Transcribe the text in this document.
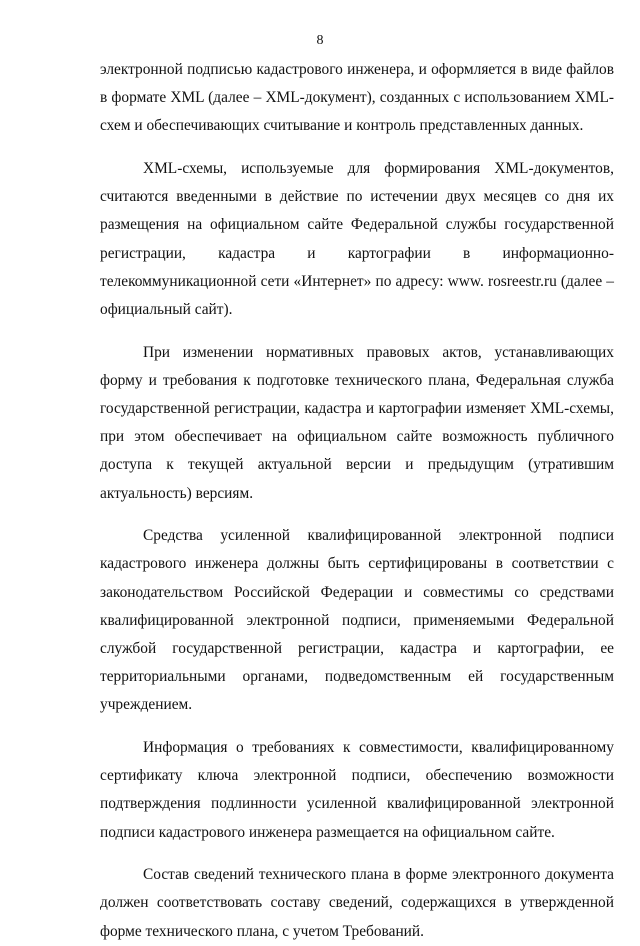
8

электронной подписью кадастрового инженера, и оформляется в виде файлов в формате XML (далее – XML-документ), созданных с использованием XML-схем и обеспечивающих считывание и контроль представленных данных.

XML-схемы, используемые для формирования XML-документов, считаются введенными в действие по истечении двух месяцев со дня их размещения на официальном сайте Федеральной службы государственной регистрации, кадастра и картографии в информационно-телекоммуникационной сети «Интернет» по адресу: www. rosreestr.ru (далее – официальный сайт).

При изменении нормативных правовых актов, устанавливающих форму и требования к подготовке технического плана, Федеральная служба государственной регистрации, кадастра и картографии изменяет XML-схемы, при этом обеспечивает на официальном сайте возможность публичного доступа к текущей актуальной версии и предыдущим (утратившим актуальность) версиям.

Средства усиленной квалифицированной электронной подписи кадастрового инженера должны быть сертифицированы в соответствии с законодательством Российской Федерации и совместимы со средствами квалифицированной электронной подписи, применяемыми Федеральной службой государственной регистрации, кадастра и картографии, ее территориальными органами, подведомственным ей государственным учреждением.

Информация о требованиях к совместимости, квалифицированному сертификату ключа электронной подписи, обеспечению возможности подтверждения подлинности усиленной квалифицированной электронной подписи кадастрового инженера размещается на официальном сайте.

Состав сведений технического плана в форме электронного документа должен соответствовать составу сведений, содержащихся в утвержденной форме технического плана, с учетом Требований.
